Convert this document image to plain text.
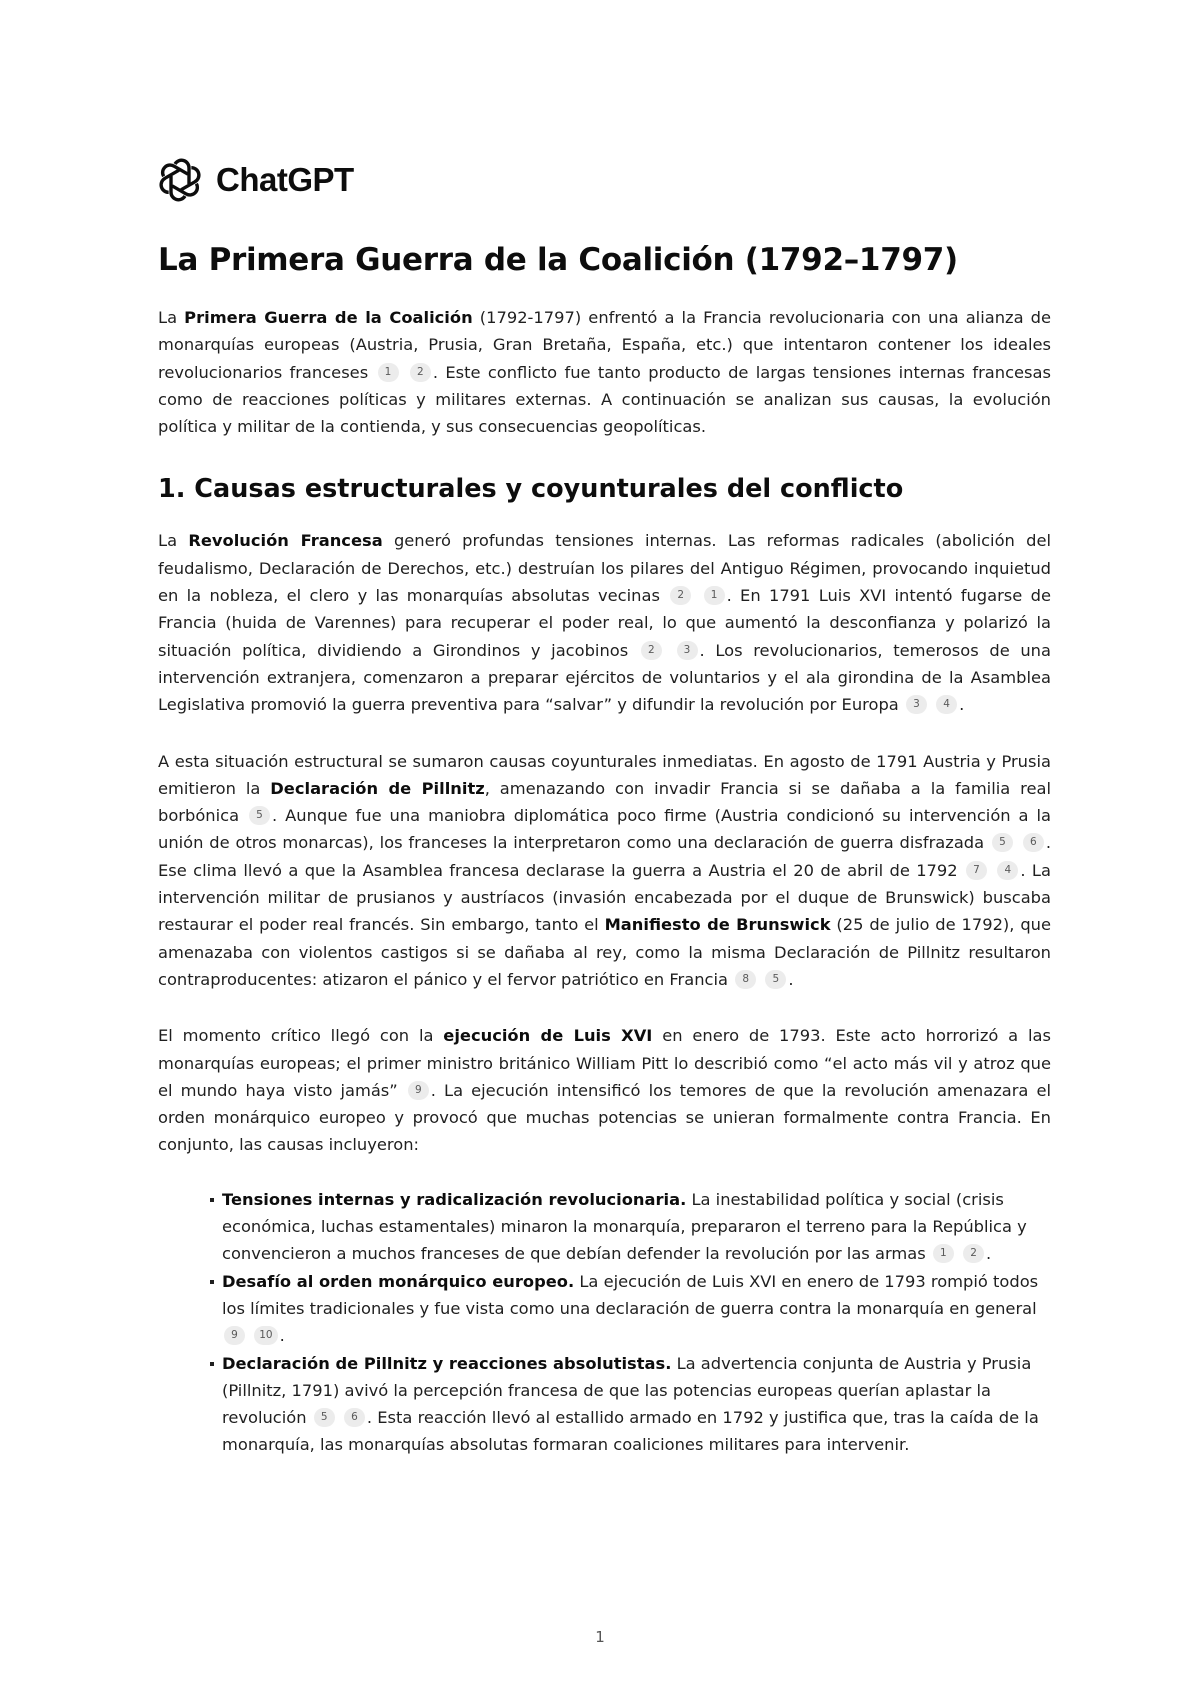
ChatGPT
La Primera Guerra de la Coalición (1792–1797)

La Primera Guerra de la Coalición (1792-1797) enfrentó a la Francia revolucionaria con una alianza de monarquías europeas (Austria, Prusia, Gran Bretaña, España, etc.) que intentaron contener los ideales revolucionarios franceses 1 2 . Este conflicto fue tanto producto de largas tensiones internas francesas como de reacciones políticas y militares externas. A continuación se analizan sus causas, la evolución política y militar de la contienda, y sus consecuencias geopolíticas.

1. Causas estructurales y coyunturales del conflicto

La Revolución Francesa generó profundas tensiones internas. Las reformas radicales (abolición del feudalismo, Declaración de Derechos, etc.) destruían los pilares del Antiguo Régimen, provocando inquietud en la nobleza, el clero y las monarquías absolutas vecinas 2	1 . En 1791 Luis XVI intentó fugarse de Francia (huida de Varennes) para recuperar el poder real, lo que aumentó la desconfianza y polarizó la situación política, dividiendo a Girondinos y jacobinos 2	3 . Los revolucionarios, temerosos de una intervención extranjera, comenzaron a preparar ejércitos de voluntarios y el ala girondina de la Asamblea Legislativa promovió la guerra preventiva para “salvar” y difundir la revolución por Europa 3 4 .

A esta situación estructural se sumaron causas coyunturales inmediatas. En agosto de 1791 Austria y Prusia emitieron la Declaración de Pillnitz, amenazando con invadir Francia si se dañaba a la familia real borbónica 5 . Aunque fue una maniobra diplomática poco firme (Austria condicionó su intervención a la unión de otros monarcas), los franceses la interpretaron como una declaración de guerra disfrazada 5 6 . Ese clima llevó a que la Asamblea francesa declarase la guerra a Austria el 20 de abril de 1792 7 4 . La intervención militar de prusianos y austríacos (invasión encabezada por el duque de Brunswick) buscaba restaurar el poder real francés. Sin embargo, tanto el Manifiesto de Brunswick (25 de julio de 1792), que amenazaba con violentos castigos si se dañaba al rey, como la misma Declaración de Pillnitz resultaron contraproducentes: atizaron el pánico y el fervor patriótico en Francia 8 5 .

El momento crítico llegó con la ejecución de Luis XVI en enero de 1793. Este acto horrorizó a las monarquías europeas; el primer ministro británico William Pitt lo describió como “el acto más vil y atroz que el mundo haya visto jamás” 9 . La ejecución intensificó los temores de que la revolución amenazara el orden monárquico europeo y provocó que muchas potencias se unieran formalmente contra Francia. En conjunto, las causas incluyeron:

Tensiones internas y radicalización revolucionaria. La inestabilidad política y social (crisis económica, luchas estamentales) minaron la monarquía, prepararon el terreno para la República y convencieron a muchos franceses de que debían defender la revolución por las armas 1 2 .
Desafío al orden monárquico europeo. La ejecución de Luis XVI en enero de 1793 rompió todos los límites tradicionales y fue vista como una declaración de guerra contra la monarquía en general 9 10 .
Declaración de Pillnitz y reacciones absolutistas. La advertencia conjunta de Austria y Prusia (Pillnitz, 1791) avivó la percepción francesa de que las potencias europeas querían aplastar la revolución 5 6 . Esta reacción llevó al estallido armado en 1792 y justifica que, tras la caída de la monarquía, las monarquías absolutas formaran coaliciones militares para intervenir.
1
